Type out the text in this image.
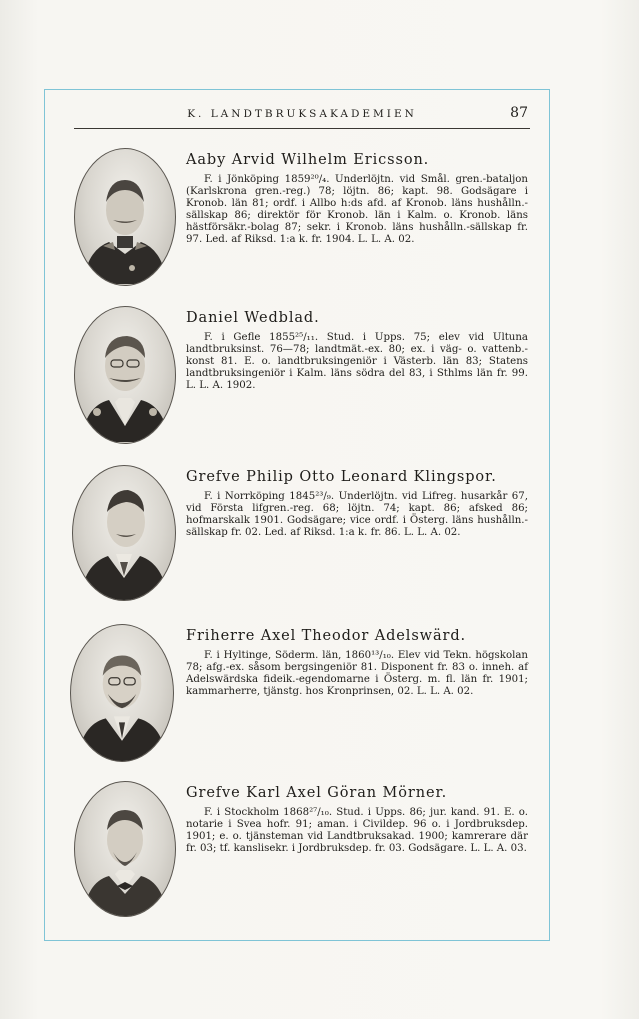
K. LANDTBRUKSAKADEMIEN	87

Aaby Arvid Wilhelm Ericsson.

F. i Jönköping 1859²⁰/₄. Underlöjtn. vid Smål. gren.-bataljon (Karlskrona gren.-reg.) 78; löjtn. 86; kapt. 98. Godsägare i Kronob. län 81; ordf. i Allbo h:ds afd. af Kronob. läns hushålln.-sällskap 86; direktör för Kronob. län i Kalm. o. Kronob. läns hästförsäkr.-bolag 87; sekr. i Kronob. läns hushålln.-sällskap fr. 97. Led. af Riksd. 1:a k. fr. 1904. L. L. A. 02.

Daniel Wedblad.

F. i Gefle 1855²⁵/₁₁. Stud. i Upps. 75; elev vid Ultuna landtbruksinst. 76—78; landtmät.-ex. 80; ex. i väg- o. vattenb.-konst 81. E. o. landtbruksingeniör i Västerb. län 83; Statens landtbruksingeniör i Kalm. läns södra del 83, i Sthlms län fr. 99. L. L. A. 1902.

Grefve Philip Otto Leonard Klingspor.

F. i Norrköping 1845²³/₉. Underlöjtn. vid Lifreg. husarkår 67, vid Första lifgren.-reg. 68; löjtn. 74; kapt. 86; afsked 86; hofmarskalk 1901. Godsägare; vice ordf. i Österg. läns hushålln.-sällskap fr. 02. Led. af Riksd. 1:a k. fr. 86. L. L. A. 02.

Friherre Axel Theodor Adelswärd.

F. i Hyltinge, Söderm. län, 1860¹³/₁₀. Elev vid Tekn. högskolan 78; afg.-ex. såsom bergsingeniör 81. Disponent fr. 83 o. inneh. af Adelswärdska fideik.-egendomarne i Österg. m. fl. län fr. 1901; kammarherre, tjänstg. hos Kronprinsen, 02. L. L. A. 02.

Grefve Karl Axel Göran Mörner.

F. i Stockholm 1868²⁷/₁₀. Stud. i Upps. 86; jur. kand. 91. E. o. notarie i Svea hofr. 91; aman. i Civildep. 96 o. i Jordbruksdep. 1901; e. o. tjänsteman vid Landtbruksakad. 1900; kamrerare där fr. 03; tf. kanslisekr. i Jordbruksdep. fr. 03. Godsägare. L. L. A. 03.
